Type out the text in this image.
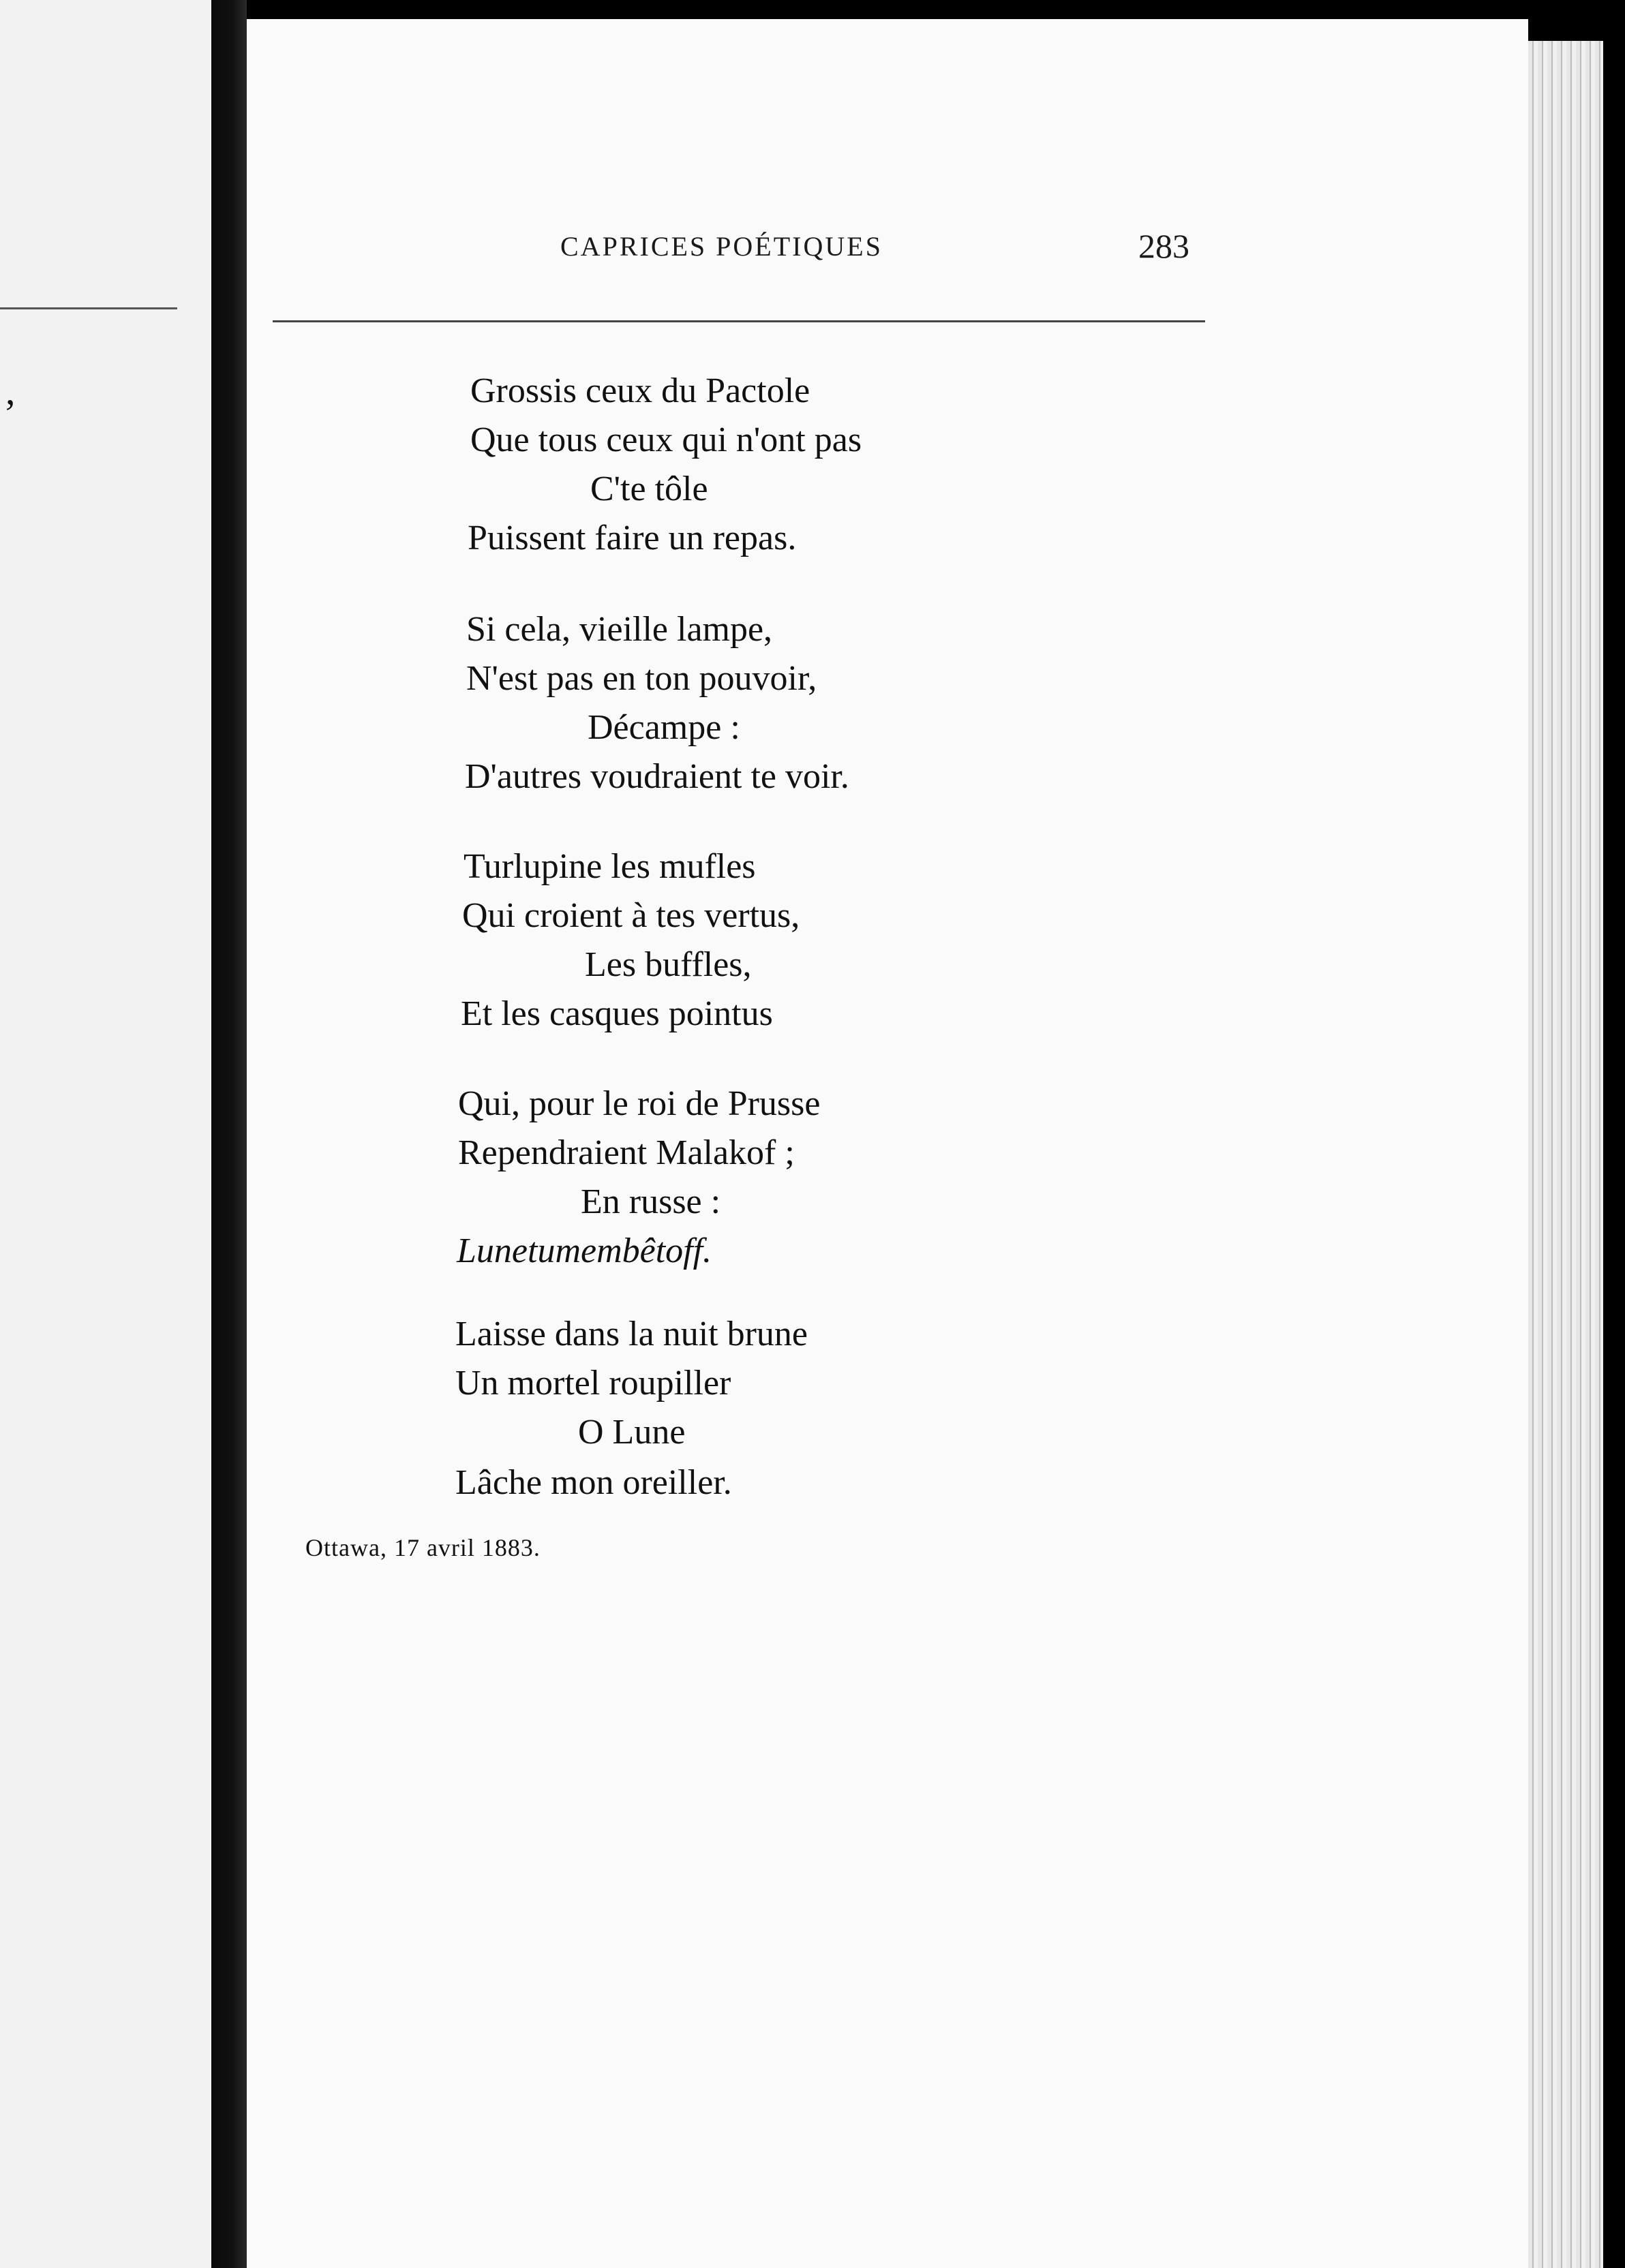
,
CAPRICES POÉTIQUES	283
Grossis ceux du Pactole
Que tous ceux qui n'ont pas
C'te tôle
Puissent faire un repas.
Si cela, vieille lampe,
N'est pas en ton pouvoir,
Décampe :
D'autres voudraient te voir.
Turlupine les mufles
Qui croient à tes vertus,
Les buffles,
Et les casques pointus
Qui, pour le roi de Prusse
Rependraient Malakof ;
En russe :
Lunetumembêtoff.
Laisse dans la nuit brune
Un mortel roupiller
O Lune
Lâche mon oreiller.
Ottawa, 17 avril 1883.
